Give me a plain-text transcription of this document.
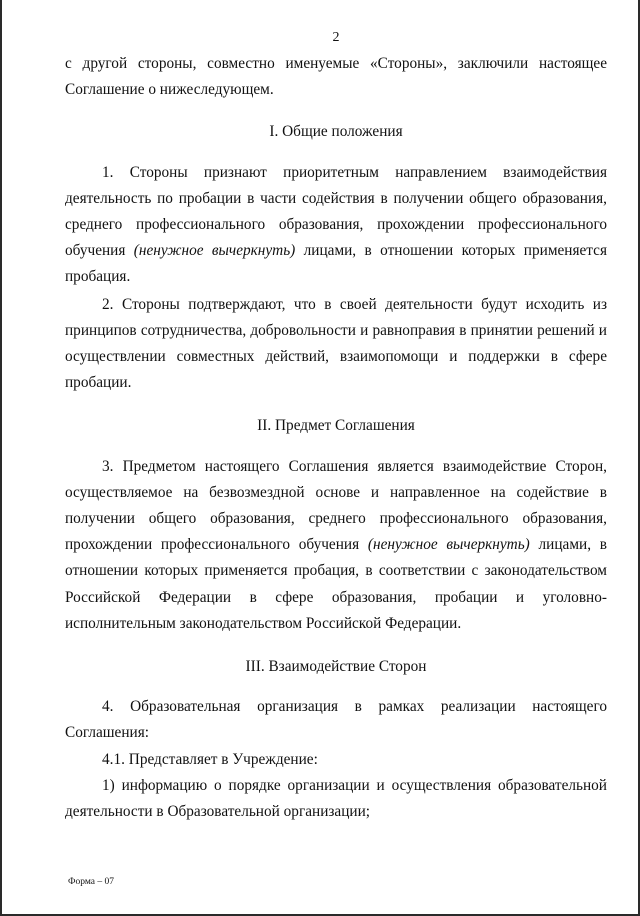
2

с другой стороны, совместно именуемые «Стороны», заключили настоящее Соглашение о нижеследующем.

I. Общие положения

1. Стороны признают приоритетным направлением взаимодействия деятельность по пробации в части содействия в получении общего образования, среднего профессионального образования, прохождении профессионального обучения (ненужное вычеркнуть) лицами, в отношении которых применяется пробация.

2. Стороны подтверждают, что в своей деятельности будут исходить из принципов сотрудничества, добровольности и равноправия в принятии решений и осуществлении совместных действий, взаимопомощи и поддержки в сфере пробации.

II. Предмет Соглашения

3. Предметом настоящего Соглашения является взаимодействие Сторон, осуществляемое на безвозмездной основе и направленное на содействие в получении общего образования, среднего профессионального образования, прохождении профессионального обучения (ненужное вычеркнуть) лицами, в отношении которых применяется пробация, в соответствии с законодательством Российской Федерации в сфере образования, пробации и уголовно-исполнительным законодательством Российской Федерации.

III. Взаимодействие Сторон

4. Образовательная организация в рамках реализации настоящего Соглашения:

4.1. Представляет в Учреждение:

1) информацию о порядке организации и осуществления образовательной деятельности в Образовательной организации;

Форма – 07
